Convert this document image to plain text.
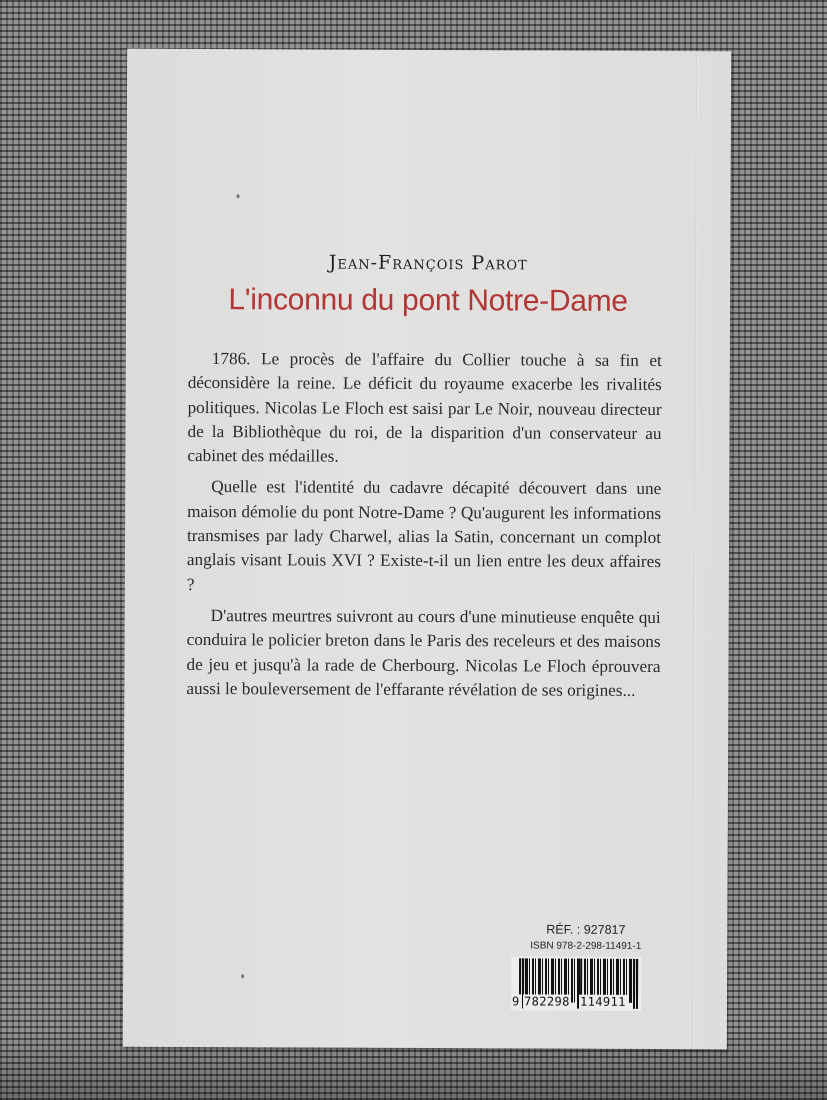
Jean-François Parot
L'inconnu du pont Notre-Dame

1786. Le procès de l'affaire du Collier touche à sa fin et déconsidère la reine. Le déficit du royaume exacerbe les rivalités politiques. Nicolas Le Floch est saisi par Le Noir, nouveau directeur de la Bibliothèque du roi, de la disparition d'un conservateur au cabinet des médailles.

Quelle est l'identité du cadavre décapité découvert dans une maison démolie du pont Notre-Dame ? Qu'augurent les informations transmises par lady Charwel, alias la Satin, concernant un complot anglais visant Louis XVI ? Existe-t-il un lien entre les deux affaires ?

D'autres meurtres suivront au cours d'une minutieuse enquête qui conduira le policier breton dans le Paris des receleurs et des maisons de jeu et jusqu'à la rade de Cherbourg. Nicolas Le Floch éprouvera aussi le bouleversement de l'effarante révélation de ses origines...

RÉF. : 927817
ISBN 978-2-298-11491-1
9 782298 114911
